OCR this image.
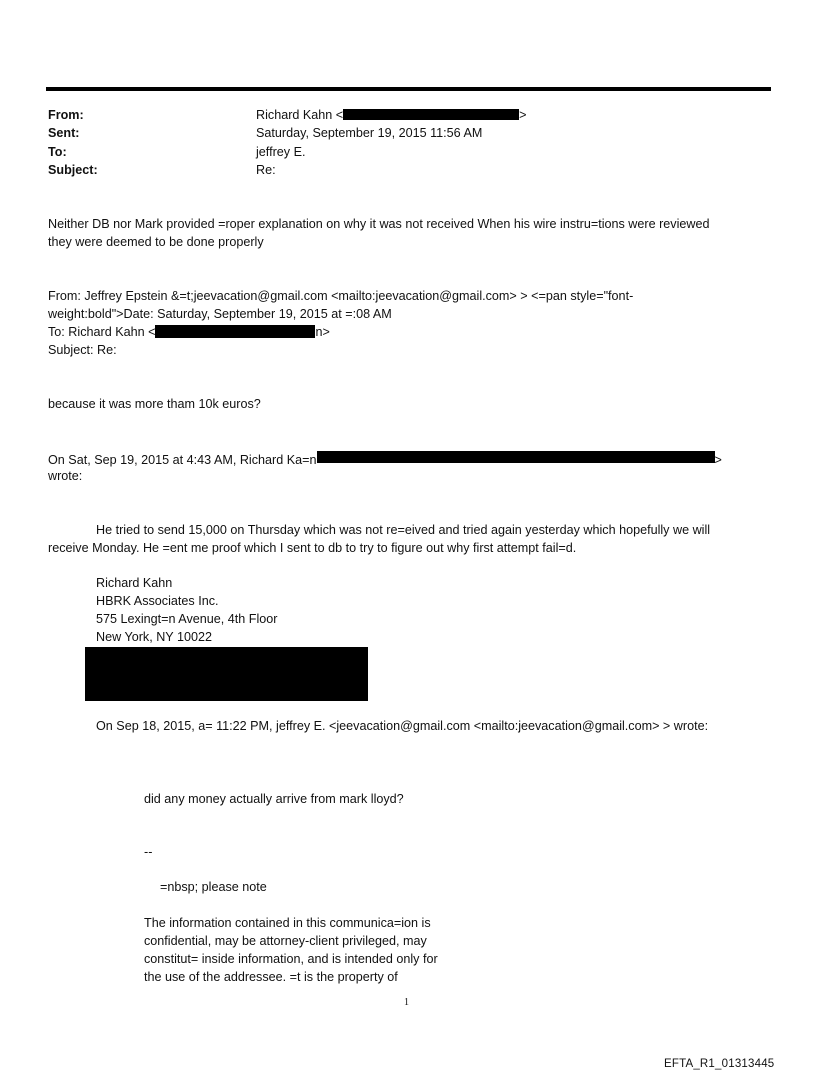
From:	Richard Kahn <	>
Sent:	Saturday, September 19, 2015 11:56 AM
To:	jeffrey E.
Subject:	Re:
Neither DB nor Mark provided =roper explanation on why it was not received When his wire instru=tions were reviewed
they were deemed to be done properly
From: Jeffrey Epstein &=t;jeevacation@gmail.com <mailto:jeevacation@gmail.com> > <=pan style="font-
weight:bold">Date: Saturday, September 19, 2015 at =:08 AM
To: Richard Kahn <	n>
Subject: Re:
because it was more tham 10k euros?
On Sat, Sep 19, 2015 at 4:43 AM, Richard Ka=n	>
wrote:
He tried to send 15,000 on Thursday which was not re=eived and tried again yesterday which hopefully we will
receive Monday. He =ent me proof which I sent to db to try to figure out why first attempt fail=d.
Richard Kahn
HBRK Associates Inc.
575 Lexingt=n Avenue, 4th Floor
New York, NY 10022
On Sep 18, 2015, a= 11:22 PM, jeffrey E. <jeevacation@gmail.com <mailto:jeevacation@gmail.com> > wrote:
did any money actually arrive from mark lloyd?
--
=nbsp; please note
The information contained in this communica=ion is
confidential, may be attorney-client privileged, may
constitut= inside information, and is intended only for
the use of the addressee. =t is the property of
1
EFTA_R1_01313445
